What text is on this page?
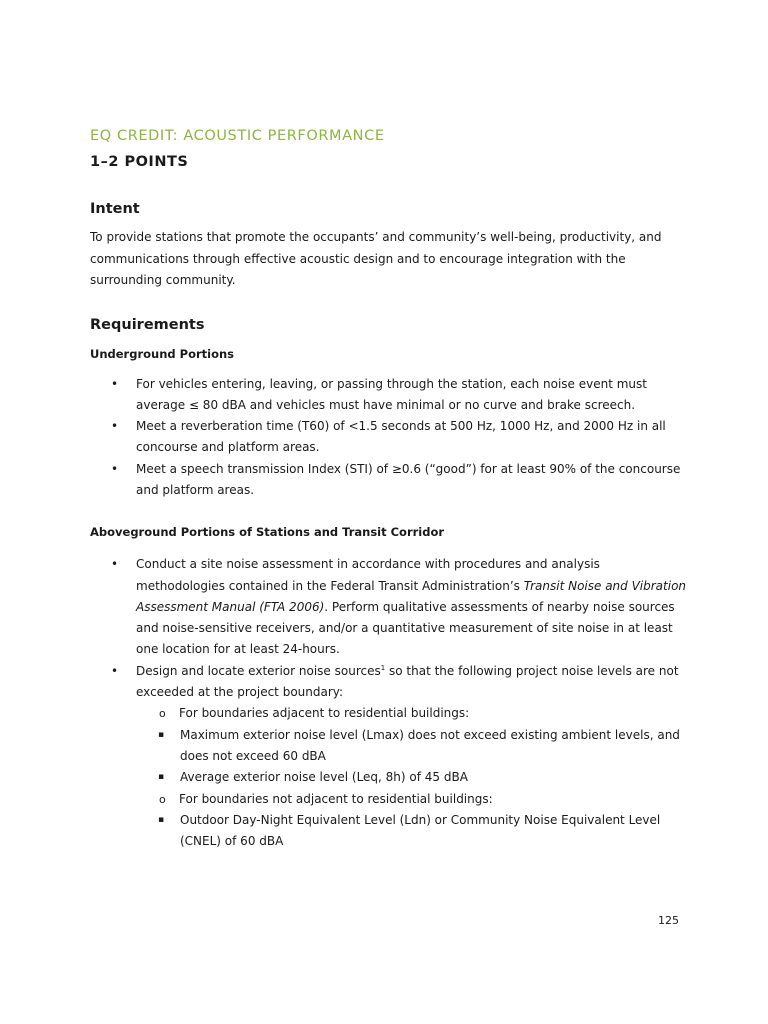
EQ CREDIT: ACOUSTIC PERFORMANCE

1–2 POINTS

Intent

To provide stations that promote the occupants’ and community’s well-being, productivity, and communications through effective acoustic design and to encourage integration with the surrounding community.

Requirements
Underground Portions
• For vehicles entering, leaving, or passing through the station, each noise event must average ≤ 80 dBA and vehicles must have minimal or no curve and brake screech.
• Meet a reverberation time (T60) of <1.5 seconds at 500 Hz, 1000 Hz, and 2000 Hz in all concourse and platform areas.
• Meet a speech transmission Index (STI) of ≥0.6 (“good”) for at least 90% of the concourse and platform areas.
Aboveground Portions of Stations and Transit Corridor
• Conduct a site noise assessment in accordance with procedures and analysis methodologies contained in the Federal Transit Administration’s Transit Noise and Vibration Assessment Manual (FTA 2006). Perform qualitative assessments of nearby noise sources and noise-sensitive receivers, and/or a quantitative measurement of site noise in at least one location for at least 24-hours.
• Design and locate exterior noise sources$^1$ so that the following project noise levels are not exceeded at the project boundary:
o	For boundaries adjacent to residential buildings:
▪ Maximum exterior noise level (Lmax) does not exceed existing ambient levels, and does not exceed 60 dBA
▪ Average exterior noise level (Leq, 8h) of 45 dBA
o	For boundaries not adjacent to residential buildings:
▪ Outdoor Day-Night Equivalent Level (Ldn) or Community Noise Equivalent Level (CNEL) of 60 dBA
125
